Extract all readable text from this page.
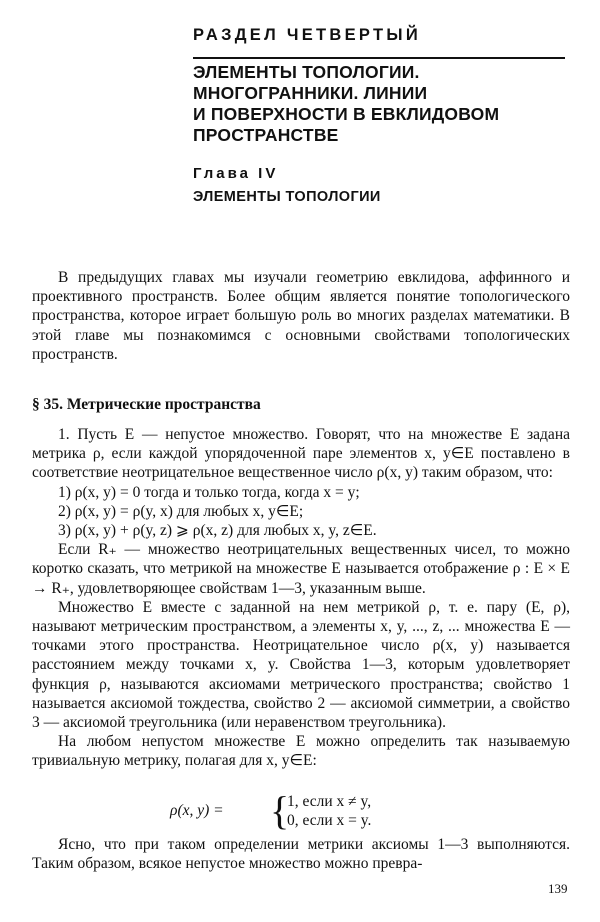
РАЗДЕЛ ЧЕТВЕРТЫЙ
ЭЛЕМЕНТЫ ТОПОЛОГИИ.
МНОГОГРАННИКИ. ЛИНИИ
И ПОВЕРХНОСТИ В ЕВКЛИДОВОМ
ПРОСТРАНСТВЕ
Глава IV
ЭЛЕМЕНТЫ ТОПОЛОГИИ

В предыдущих главах мы изучали геометрию евклидова, аффинного и проективного пространств. Более общим является понятие топологического пространства, которое играет большую роль во многих разделах математики. В этой главе мы познакомимся с основными свойствами топологических пространств.

§ 35. Метрические пространства

1. Пусть E — непустое множество. Говорят, что на множестве E задана метрика ρ, если каждой упорядоченной паре элементов x, y∈E поставлено в соответствие неотрицательное вещественное число ρ(x, y) таким образом, что:

1) ρ(x, y) = 0 тогда и только тогда, когда x = y;

2) ρ(x, y) = ρ(y, x) для любых x, y∈E;

3) ρ(x, y) + ρ(y, z) ⩾ ρ(x, z) для любых x, y, z∈E.

Если R₊ — множество неотрицательных вещественных чисел, то можно коротко сказать, что метрикой на множестве E называется отображение ρ : E × E → R₊, удовлетворяющее свойствам 1—3, указанным выше.

Множество E вместе с заданной на нем метрикой ρ, т. е. пару (E, ρ), называют метрическим пространством, а элементы x, y, ..., z, ... множества E — точками этого пространства. Неотрицательное число ρ(x, y) называется расстоянием между точками x, y. Свойства 1—3, которым удовлетворяет функция ρ, называются аксиомами метрического пространства; свойство 1 называется аксиомой тождества, свойство 2 — аксиомой симметрии, а свойство 3 — аксиомой треугольника (или неравенством треугольника).

На любом непустом множестве E можно определить так называемую тривиальную метрику, полагая для x, y∈E:

ρ(x, y) = {
1, если x ≠ y,
0, если x = y.

Ясно, что при таком определении метрики аксиомы 1—3 выполняются. Таким образом, всякое непустое множество можно превра-

139
